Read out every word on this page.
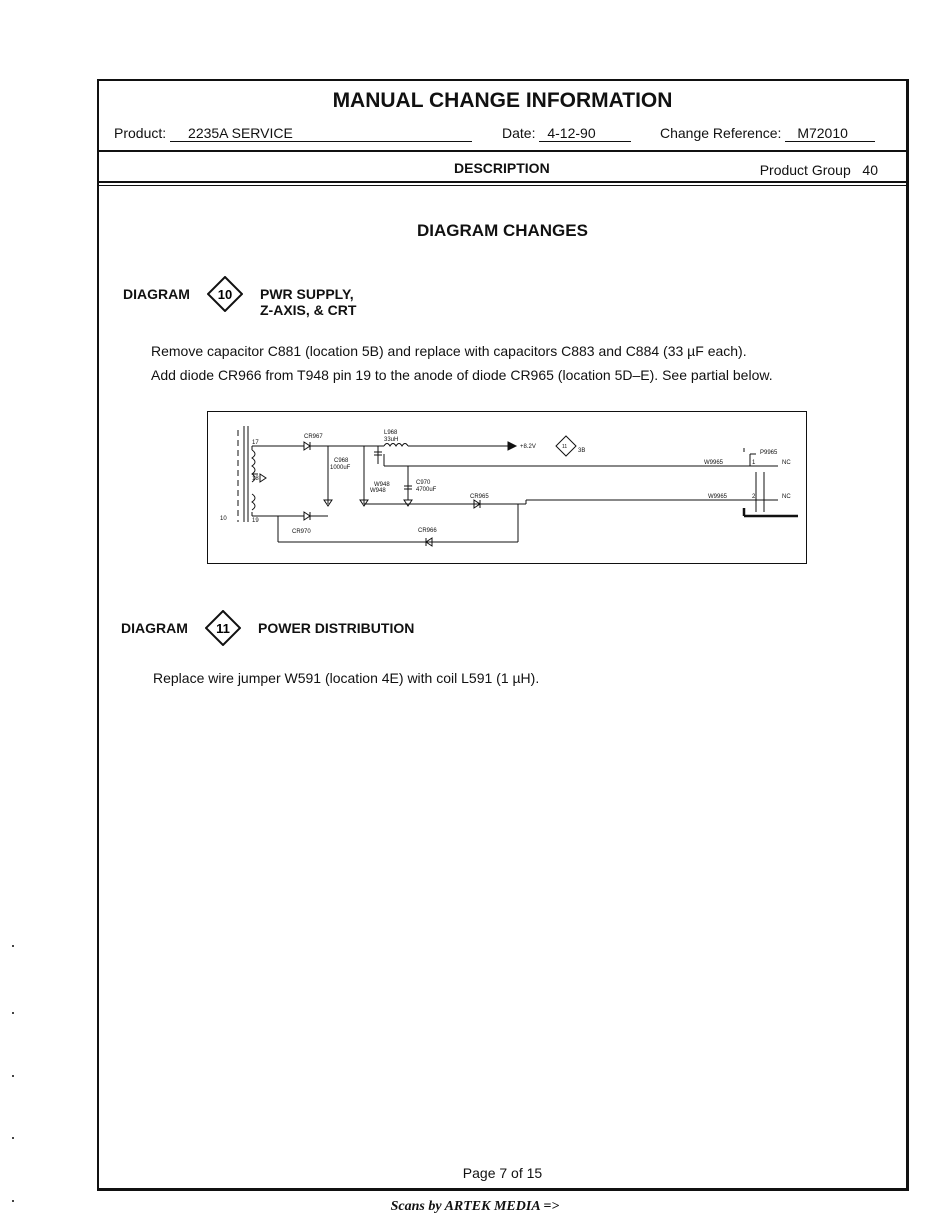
MANUAL CHANGE INFORMATION
Product: 2235A SERVICE	Date: 4-12-90	Change Reference: M72010
DESCRIPTION	Product Group 40
DIAGRAM CHANGES
DIAGRAM 10 PWR SUPPLY,
Z-AXIS, & CRT
Remove capacitor C881 (location 5B) and replace with capacitors C883 and C884 (33 µF each).
Add diode CR966 from T948 pin 19 to the anode of diode CR965 (location 5D–E). See partial below.
17
18
19
10
CR967
L968
33uH
C968
1000uF
W948
W948
C970
4700uF
+8.2V	11
3B
CR965
CR970	CR966
W9965
W9965
P9965
1
2
NC
NC
DIAGRAM 11 POWER DISTRIBUTION
Replace wire jumper W591 (location 4E) with coil L591 (1 µH).
Page 7 of 15
Scans by ARTEK MEDIA =>
